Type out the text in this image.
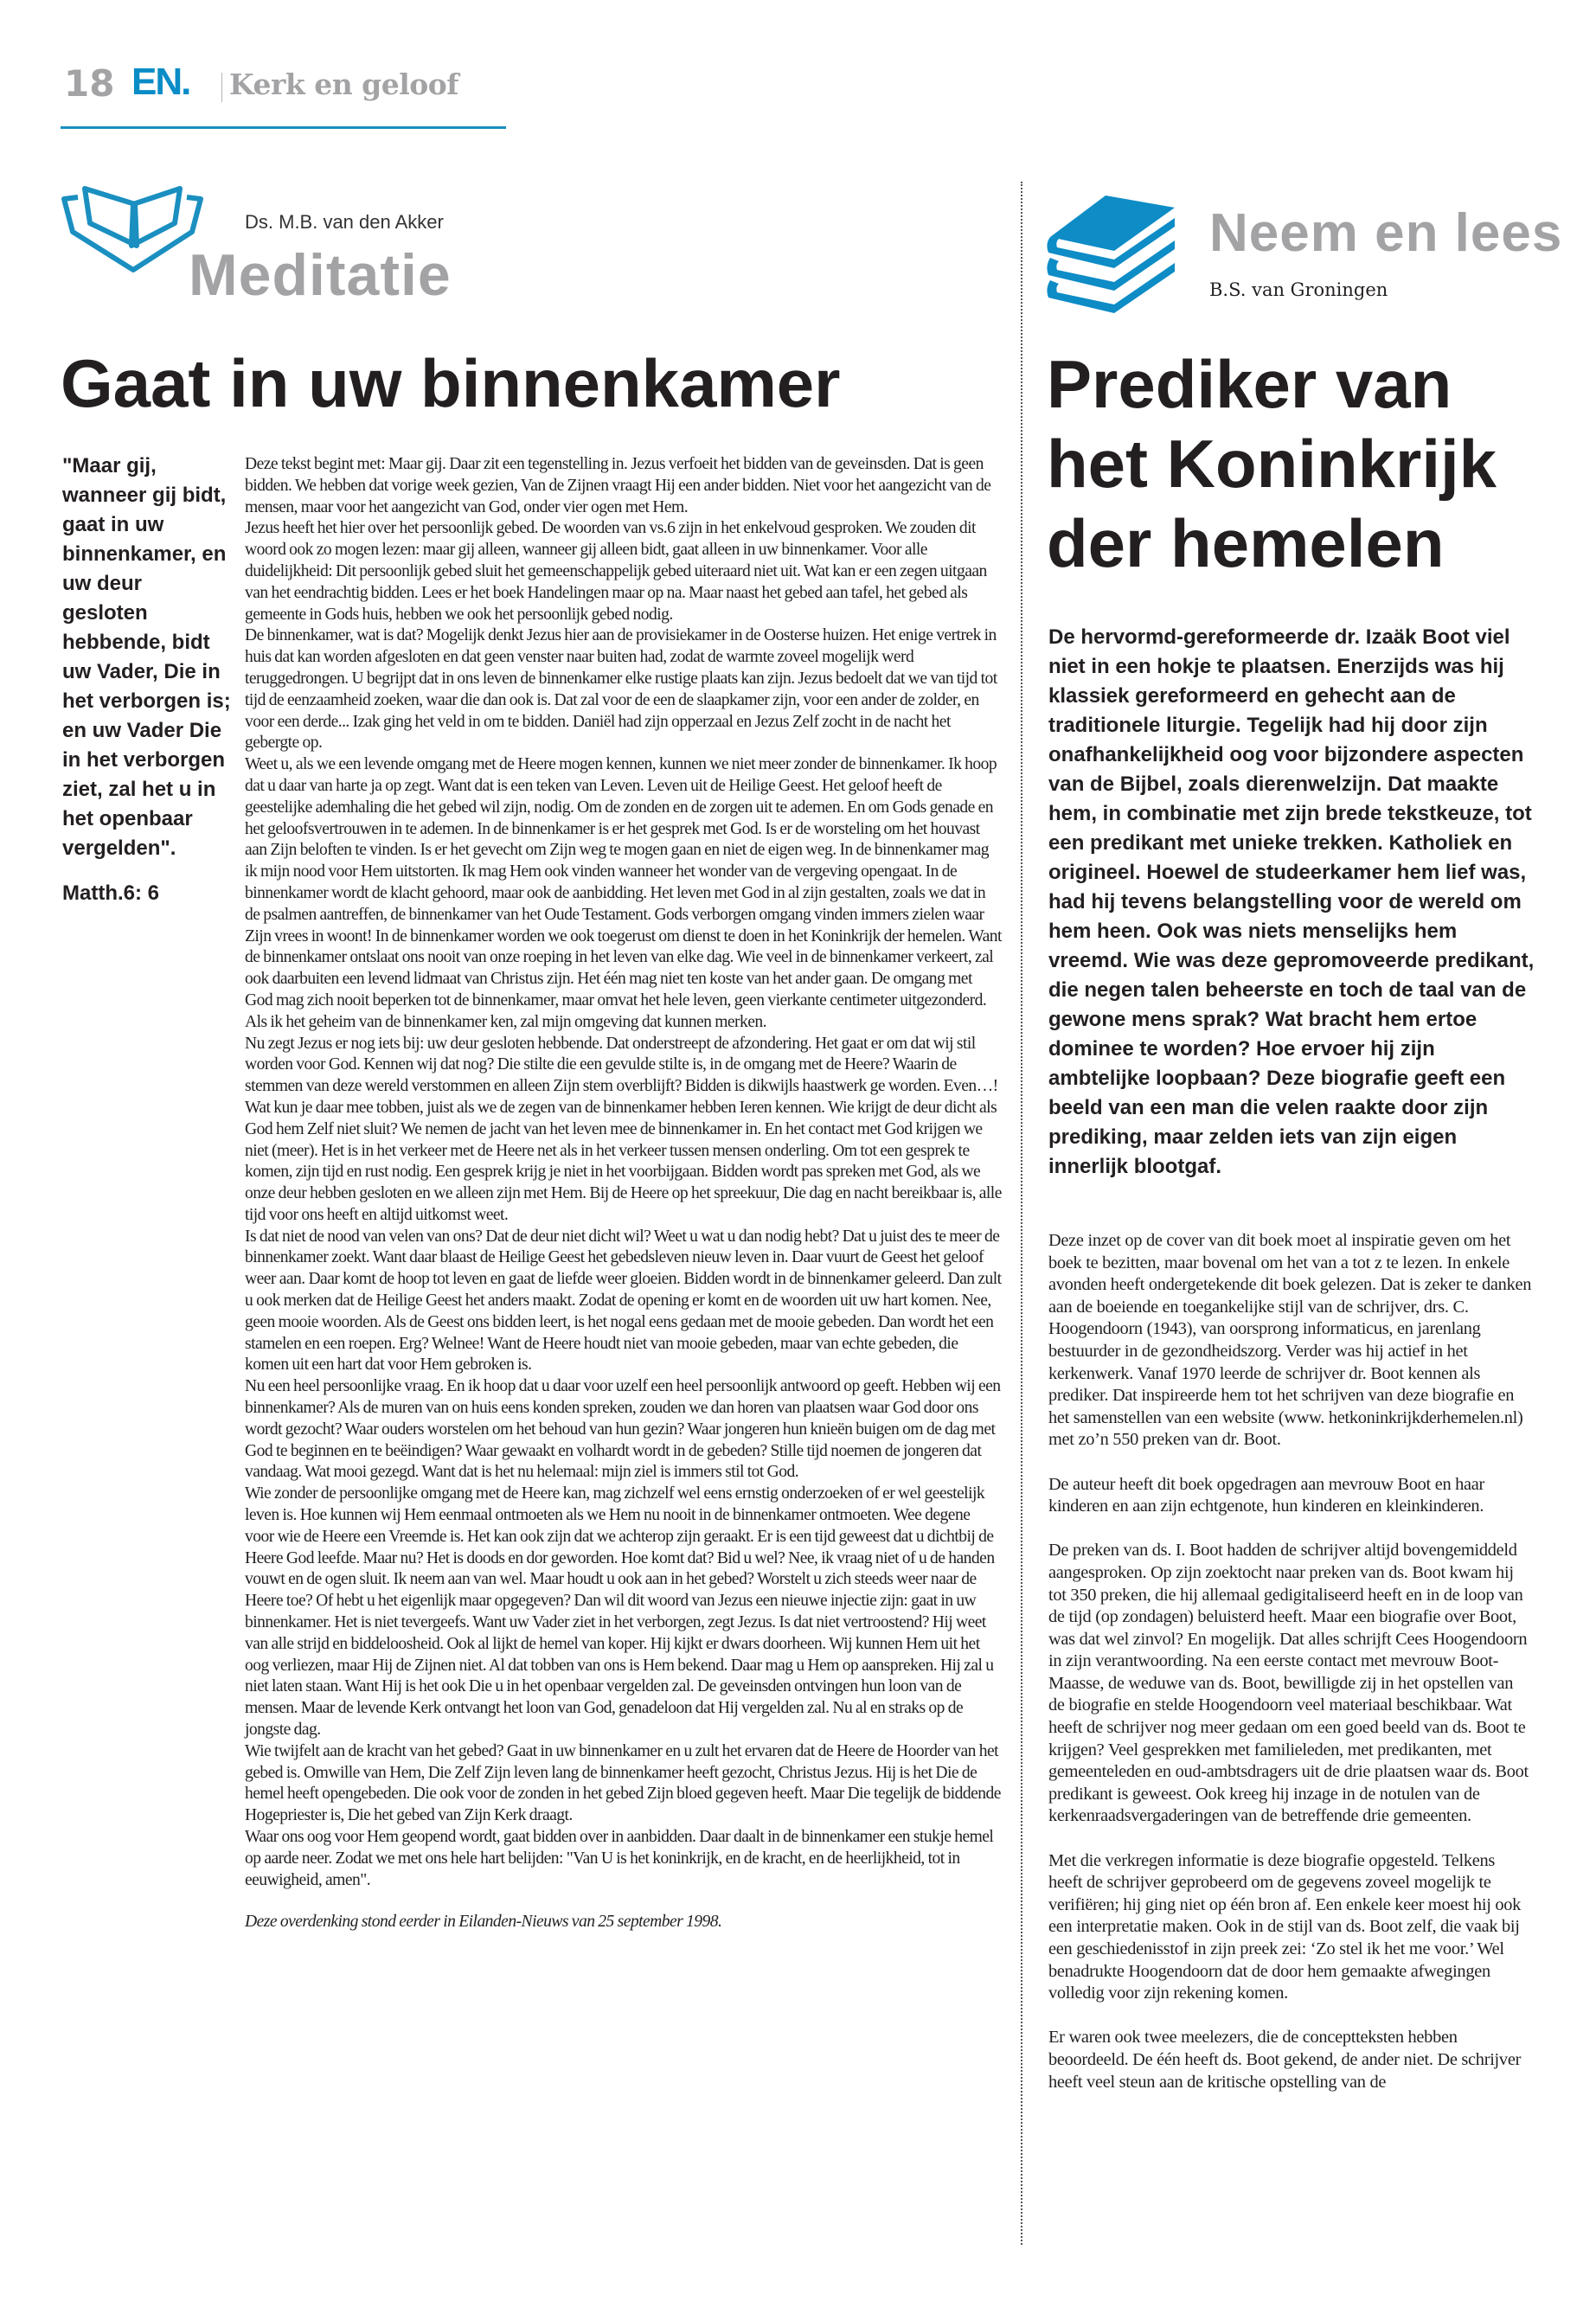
18 EN. Kerk en geloof
Ds. M.B. van den Akker
Meditatie
Gaat in uw binnenkamer
"Maar gij, wanneer gij bidt, gaat in uw binnenkamer, en uw deur gesloten hebbende, bidt uw Vader, Die in het verborgen is; en uw Vader Die in het verborgen ziet, zal het u in het openbaar vergelden".
Matth.6: 6

Deze tekst begint met: Maar gij. Daar zit een tegenstelling in. Jezus verfoeit het bidden van de geveinsden. Dat is geen bidden. We hebben dat vorige week gezien, Van de Zijnen vraagt Hij een ander bidden. Niet voor het aangezicht van de mensen, maar voor het aangezicht van God, onder vier ogen met Hem.

Jezus heeft het hier over het persoonlijk gebed. De woorden van vs.6 zijn in het enkelvoud gesproken. We zouden dit woord ook zo mogen lezen: maar gij alleen, wanneer gij alleen bidt, gaat alleen in uw binnenkamer. Voor alle duidelijkheid: Dit persoonlijk gebed sluit het gemeenschappelijk gebed uiteraard niet uit. Wat kan er een zegen uitgaan van het eendrachtig bidden. Lees er het boek Handelingen maar op na. Maar naast het gebed aan tafel, het gebed als gemeente in Gods huis, hebben we ook het persoonlijk gebed nodig.

De binnenkamer, wat is dat? Mogelijk denkt Jezus hier aan de provisiekamer in de Oosterse huizen. Het enige vertrek in huis dat kan worden afgesloten en dat geen venster naar buiten had, zodat de warmte zoveel mogelijk werd teruggedrongen. U begrijpt dat in ons leven de binnenkamer elke rustige plaats kan zijn. Jezus bedoelt dat we van tijd tot tijd de eenzaamheid zoeken, waar die dan ook is. Dat zal voor de een de slaapkamer zijn, voor een ander de zolder, en voor een derde... Izak ging het veld in om te bidden. Daniël had zijn opperzaal en Jezus Zelf zocht in de nacht het gebergte op.

Weet u, als we een levende omgang met de Heere mogen kennen, kunnen we niet meer zonder de binnenkamer. Ik hoop dat u daar van harte ja op zegt. Want dat is een teken van Leven. Leven uit de Heilige Geest. Het geloof heeft de geestelijke ademhaling die het gebed wil zijn, nodig. Om de zonden en de zorgen uit te ademen. En om Gods genade en het geloofsvertrouwen in te ademen. In de binnenkamer is er het gesprek met God. Is er de worsteling om het houvast aan Zijn beloften te vinden. Is er het gevecht om Zijn weg te mogen gaan en niet de eigen weg. In de binnenkamer mag ik mijn nood voor Hem uitstorten. Ik mag Hem ook vinden wanneer het wonder van de vergeving opengaat. In de binnenkamer wordt de klacht gehoord, maar ook de aanbidding. Het leven met God in al zijn gestalten, zoals we dat in de psalmen aantreffen, de binnenkamer van het Oude Testament. Gods verborgen omgang vinden immers zielen waar Zijn vrees in woont! In de binnenkamer worden we ook toegerust om dienst te doen in het Koninkrijk der hemelen. Want de binnenkamer ontslaat ons nooit van onze roeping in het leven van elke dag. Wie veel in de binnenkamer verkeert, zal ook daarbuiten een levend lidmaat van Christus zijn. Het één mag niet ten koste van het ander gaan. De omgang met God mag zich nooit beperken tot de binnenkamer, maar omvat het hele leven, geen vierkante centimeter uitgezonderd. Als ik het geheim van de binnenkamer ken, zal mijn omgeving dat kunnen merken.

Nu zegt Jezus er nog iets bij: uw deur gesloten hebbende. Dat onderstreept de afzondering. Het gaat er om dat wij stil worden voor God. Kennen wij dat nog? Die stilte die een gevulde stilte is, in de omgang met de Heere? Waarin de stemmen van deze wereld verstommen en alleen Zijn stem overblijft? Bidden is dikwijls haastwerk ge worden. Even…! Wat kun je daar mee tobben, juist als we de zegen van de binnenkamer hebben Ieren kennen. Wie krijgt de deur dicht als God hem Zelf niet sluit? We nemen de jacht van het leven mee de binnenkamer in. En het contact met God krijgen we niet (meer). Het is in het verkeer met de Heere net als in het verkeer tussen mensen onderling. Om tot een gesprek te komen, zijn tijd en rust nodig. Een gesprek krijg je niet in het voorbijgaan. Bidden wordt pas spreken met God, als we onze deur hebben gesloten en we alleen zijn met Hem. Bij de Heere op het spreekuur, Die dag en nacht bereikbaar is, alle tijd voor ons heeft en altijd uitkomst weet.

Is dat niet de nood van velen van ons? Dat de deur niet dicht wil? Weet u wat u dan nodig hebt? Dat u juist des te meer de binnenkamer zoekt. Want daar blaast de Heilige Geest het gebedsleven nieuw leven in. Daar vuurt de Geest het geloof weer aan. Daar komt de hoop tot leven en gaat de liefde weer gloeien. Bidden wordt in de binnenkamer geleerd. Dan zult u ook merken dat de Heilige Geest het anders maakt. Zodat de opening er komt en de woorden uit uw hart komen. Nee, geen mooie woorden. Als de Geest ons bidden leert, is het nogal eens gedaan met de mooie gebeden. Dan wordt het een stamelen en een roepen. Erg? Welnee! Want de Heere houdt niet van mooie gebeden, maar van echte gebeden, die komen uit een hart dat voor Hem gebroken is.

Nu een heel persoonlijke vraag. En ik hoop dat u daar voor uzelf een heel persoonlijk antwoord op geeft. Hebben wij een binnenkamer? Als de muren van on huis eens konden spreken, zouden we dan horen van plaatsen waar God door ons wordt gezocht? Waar ouders worstelen om het behoud van hun gezin? Waar jongeren hun knieën buigen om de dag met God te beginnen en te beëindigen? Waar gewaakt en volhardt wordt in de gebeden? Stille tijd noemen de jongeren dat vandaag. Wat mooi gezegd. Want dat is het nu helemaal: mijn ziel is immers stil tot God.

Wie zonder de persoonlijke omgang met de Heere kan, mag zichzelf wel eens ernstig onderzoeken of er wel geestelijk leven is. Hoe kunnen wij Hem eenmaal ontmoeten als we Hem nu nooit in de binnenkamer ontmoeten. Wee degene voor wie de Heere een Vreemde is. Het kan ook zijn dat we achterop zijn geraakt. Er is een tijd geweest dat u dichtbij de Heere God leefde. Maar nu? Het is doods en dor geworden. Hoe komt dat? Bid u wel? Nee, ik vraag niet of u de handen vouwt en de ogen sluit. Ik neem aan van wel. Maar houdt u ook aan in het gebed? Worstelt u zich steeds weer naar de Heere toe? Of hebt u het eigenlijk maar opgegeven? Dan wil dit woord van Jezus een nieuwe injectie zijn: gaat in uw binnenkamer. Het is niet tevergeefs. Want uw Vader ziet in het verborgen, zegt Jezus. Is dat niet vertroostend? Hij weet van alle strijd en biddeloosheid. Ook al lijkt de hemel van koper. Hij kijkt er dwars doorheen. Wij kunnen Hem uit het oog verliezen, maar Hij de Zijnen niet. Al dat tobben van ons is Hem bekend. Daar mag u Hem op aanspreken. Hij zal u niet laten staan. Want Hij is het ook Die u in het openbaar vergelden zal. De geveinsden ontvingen hun loon van de mensen. Maar de levende Kerk ontvangt het loon van God, genadeloon dat Hij vergelden zal. Nu al en straks op de jongste dag.

Wie twijfelt aan de kracht van het gebed? Gaat in uw binnenkamer en u zult het ervaren dat de Heere de Hoorder van het gebed is. Omwille van Hem, Die Zelf Zijn leven lang de binnenkamer heeft gezocht, Christus Jezus. Hij is het Die de hemel heeft opengebeden. Die ook voor de zonden in het gebed Zijn bloed gegeven heeft. Maar Die tegelijk de biddende Hogepriester is, Die het gebed van Zijn Kerk draagt.

Waar ons oog voor Hem geopend wordt, gaat bidden over in aanbidden. Daar daalt in de binnenkamer een stukje hemel op aarde neer. Zodat we met ons hele hart belijden: "Van U is het koninkrijk, en de kracht, en de heerlijkheid, tot in eeuwigheid, amen".

Deze overdenking stond eerder in Eilanden-Nieuws van 25 september 1998.

Neem en lees
B.S. van Groningen
Prediker van het Koninkrijk der hemelen
De hervormd-gereformeerde dr. Izaäk Boot viel niet in een hokje te plaatsen. Enerzijds was hij klassiek gereformeerd en gehecht aan de traditionele liturgie. Tegelijk had hij door zijn onafhankelijkheid oog voor bijzondere aspecten van de Bijbel, zoals dierenwelzijn. Dat maakte hem, in combinatie met zijn brede tekstkeuze, tot een predikant met unieke trekken. Katholiek en origineel. Hoewel de studeerkamer hem lief was, had hij tevens belangstelling voor de wereld om hem heen. Ook was niets menselijks hem vreemd. Wie was deze gepromoveerde predikant, die negen talen beheerste en toch de taal van de gewone mens sprak? Wat bracht hem ertoe dominee te worden? Hoe ervoer hij zijn ambtelijke loopbaan? Deze biografie geeft een beeld van een man die velen raakte door zijn prediking, maar zelden iets van zijn eigen innerlijk blootgaf.

Deze inzet op de cover van dit boek moet al inspiratie geven om het boek te bezitten, maar bovenal om het van a tot z te lezen. In enkele avonden heeft ondergetekende dit boek gelezen. Dat is zeker te danken aan de boeiende en toegankelijke stijl van de schrijver, drs. C. Hoogendoorn (1943), van oorsprong informaticus, en jarenlang bestuurder in de gezondheidszorg. Verder was hij actief in het kerkenwerk. Vanaf 1970 leerde de schrijver dr. Boot kennen als prediker. Dat inspireerde hem tot het schrijven van deze biografie en het samenstellen van een website (www. hetkoninkrijkderhemelen.nl) met zo’n 550 preken van dr. Boot.

De auteur heeft dit boek opgedragen aan mevrouw Boot en haar kinderen en aan zijn echtgenote, hun kinderen en kleinkinderen.

De preken van ds. I. Boot hadden de schrijver altijd bovengemiddeld aangesproken. Op zijn zoektocht naar preken van ds. Boot kwam hij tot 350 preken, die hij allemaal gedigitaliseerd heeft en in de loop van de tijd (op zondagen) beluisterd heeft. Maar een biografie over Boot, was dat wel zinvol? En mogelijk. Dat alles schrijft Cees Hoogendoorn in zijn verantwoording. Na een eerste contact met mevrouw Boot-Maasse, de weduwe van ds. Boot, bewilligde zij in het opstellen van de biografie en stelde Hoogendoorn veel materiaal beschikbaar. Wat heeft de schrijver nog meer gedaan om een goed beeld van ds. Boot te krijgen? Veel gesprekken met familieleden, met predikanten, met gemeenteleden en oud-ambtsdragers uit de drie plaatsen waar ds. Boot predikant is geweest. Ook kreeg hij inzage in de notulen van de kerkenraadsvergaderingen van de betreffende drie gemeenten.

Met die verkregen informatie is deze biografie opgesteld. Telkens heeft de schrijver geprobeerd om de gegevens zoveel mogelijk te verifiëren; hij ging niet op één bron af. Een enkele keer moest hij ook een interpretatie maken. Ook in de stijl van ds. Boot zelf, die vaak bij een geschiedenisstof in zijn preek zei: ‘Zo stel ik het me voor.’ Wel benadrukte Hoogendoorn dat de door hem gemaakte afwegingen volledig voor zijn rekening komen.

Er waren ook twee meelezers, die de conceptteksten hebben beoordeeld. De één heeft ds. Boot gekend, de ander niet. De schrijver heeft veel steun aan de kritische opstelling van de
